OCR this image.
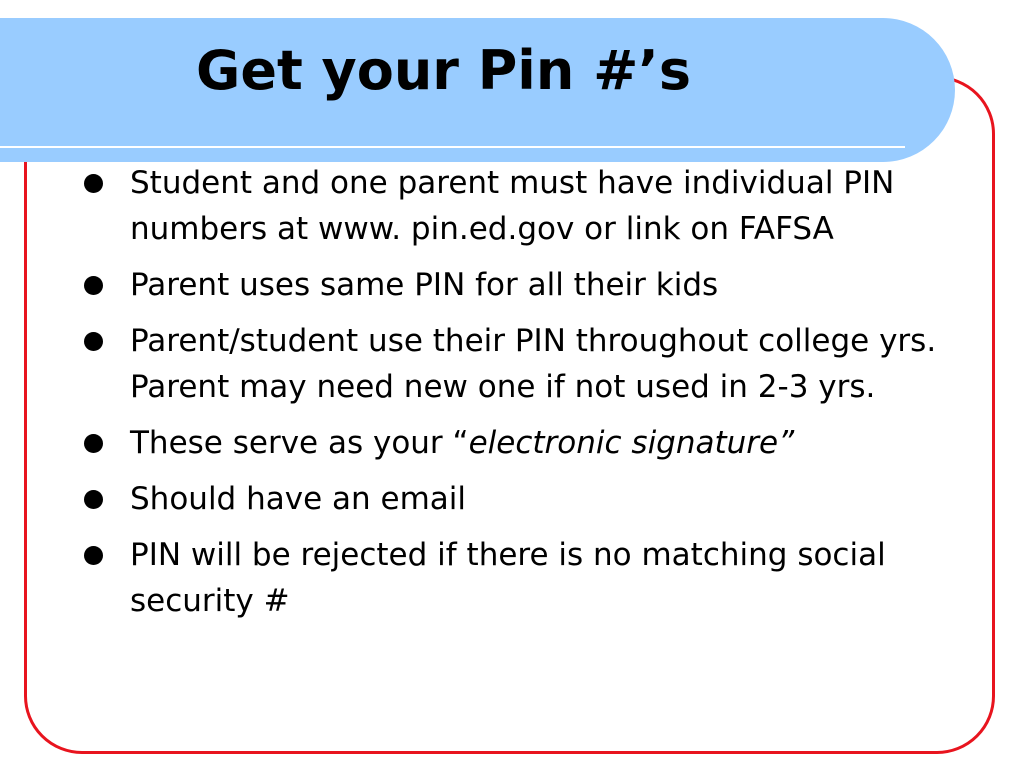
Get your Pin #’s
Student and one parent must have individual PIN numbers at www. pin.ed.gov or link on FAFSA
Parent uses same PIN for all their kids
Parent/student use their PIN throughout college yrs. Parent may need new one if not used in 2-3 yrs.
These serve as your “electronic signature”
Should have an email
PIN will be rejected if there is no matching social security #
